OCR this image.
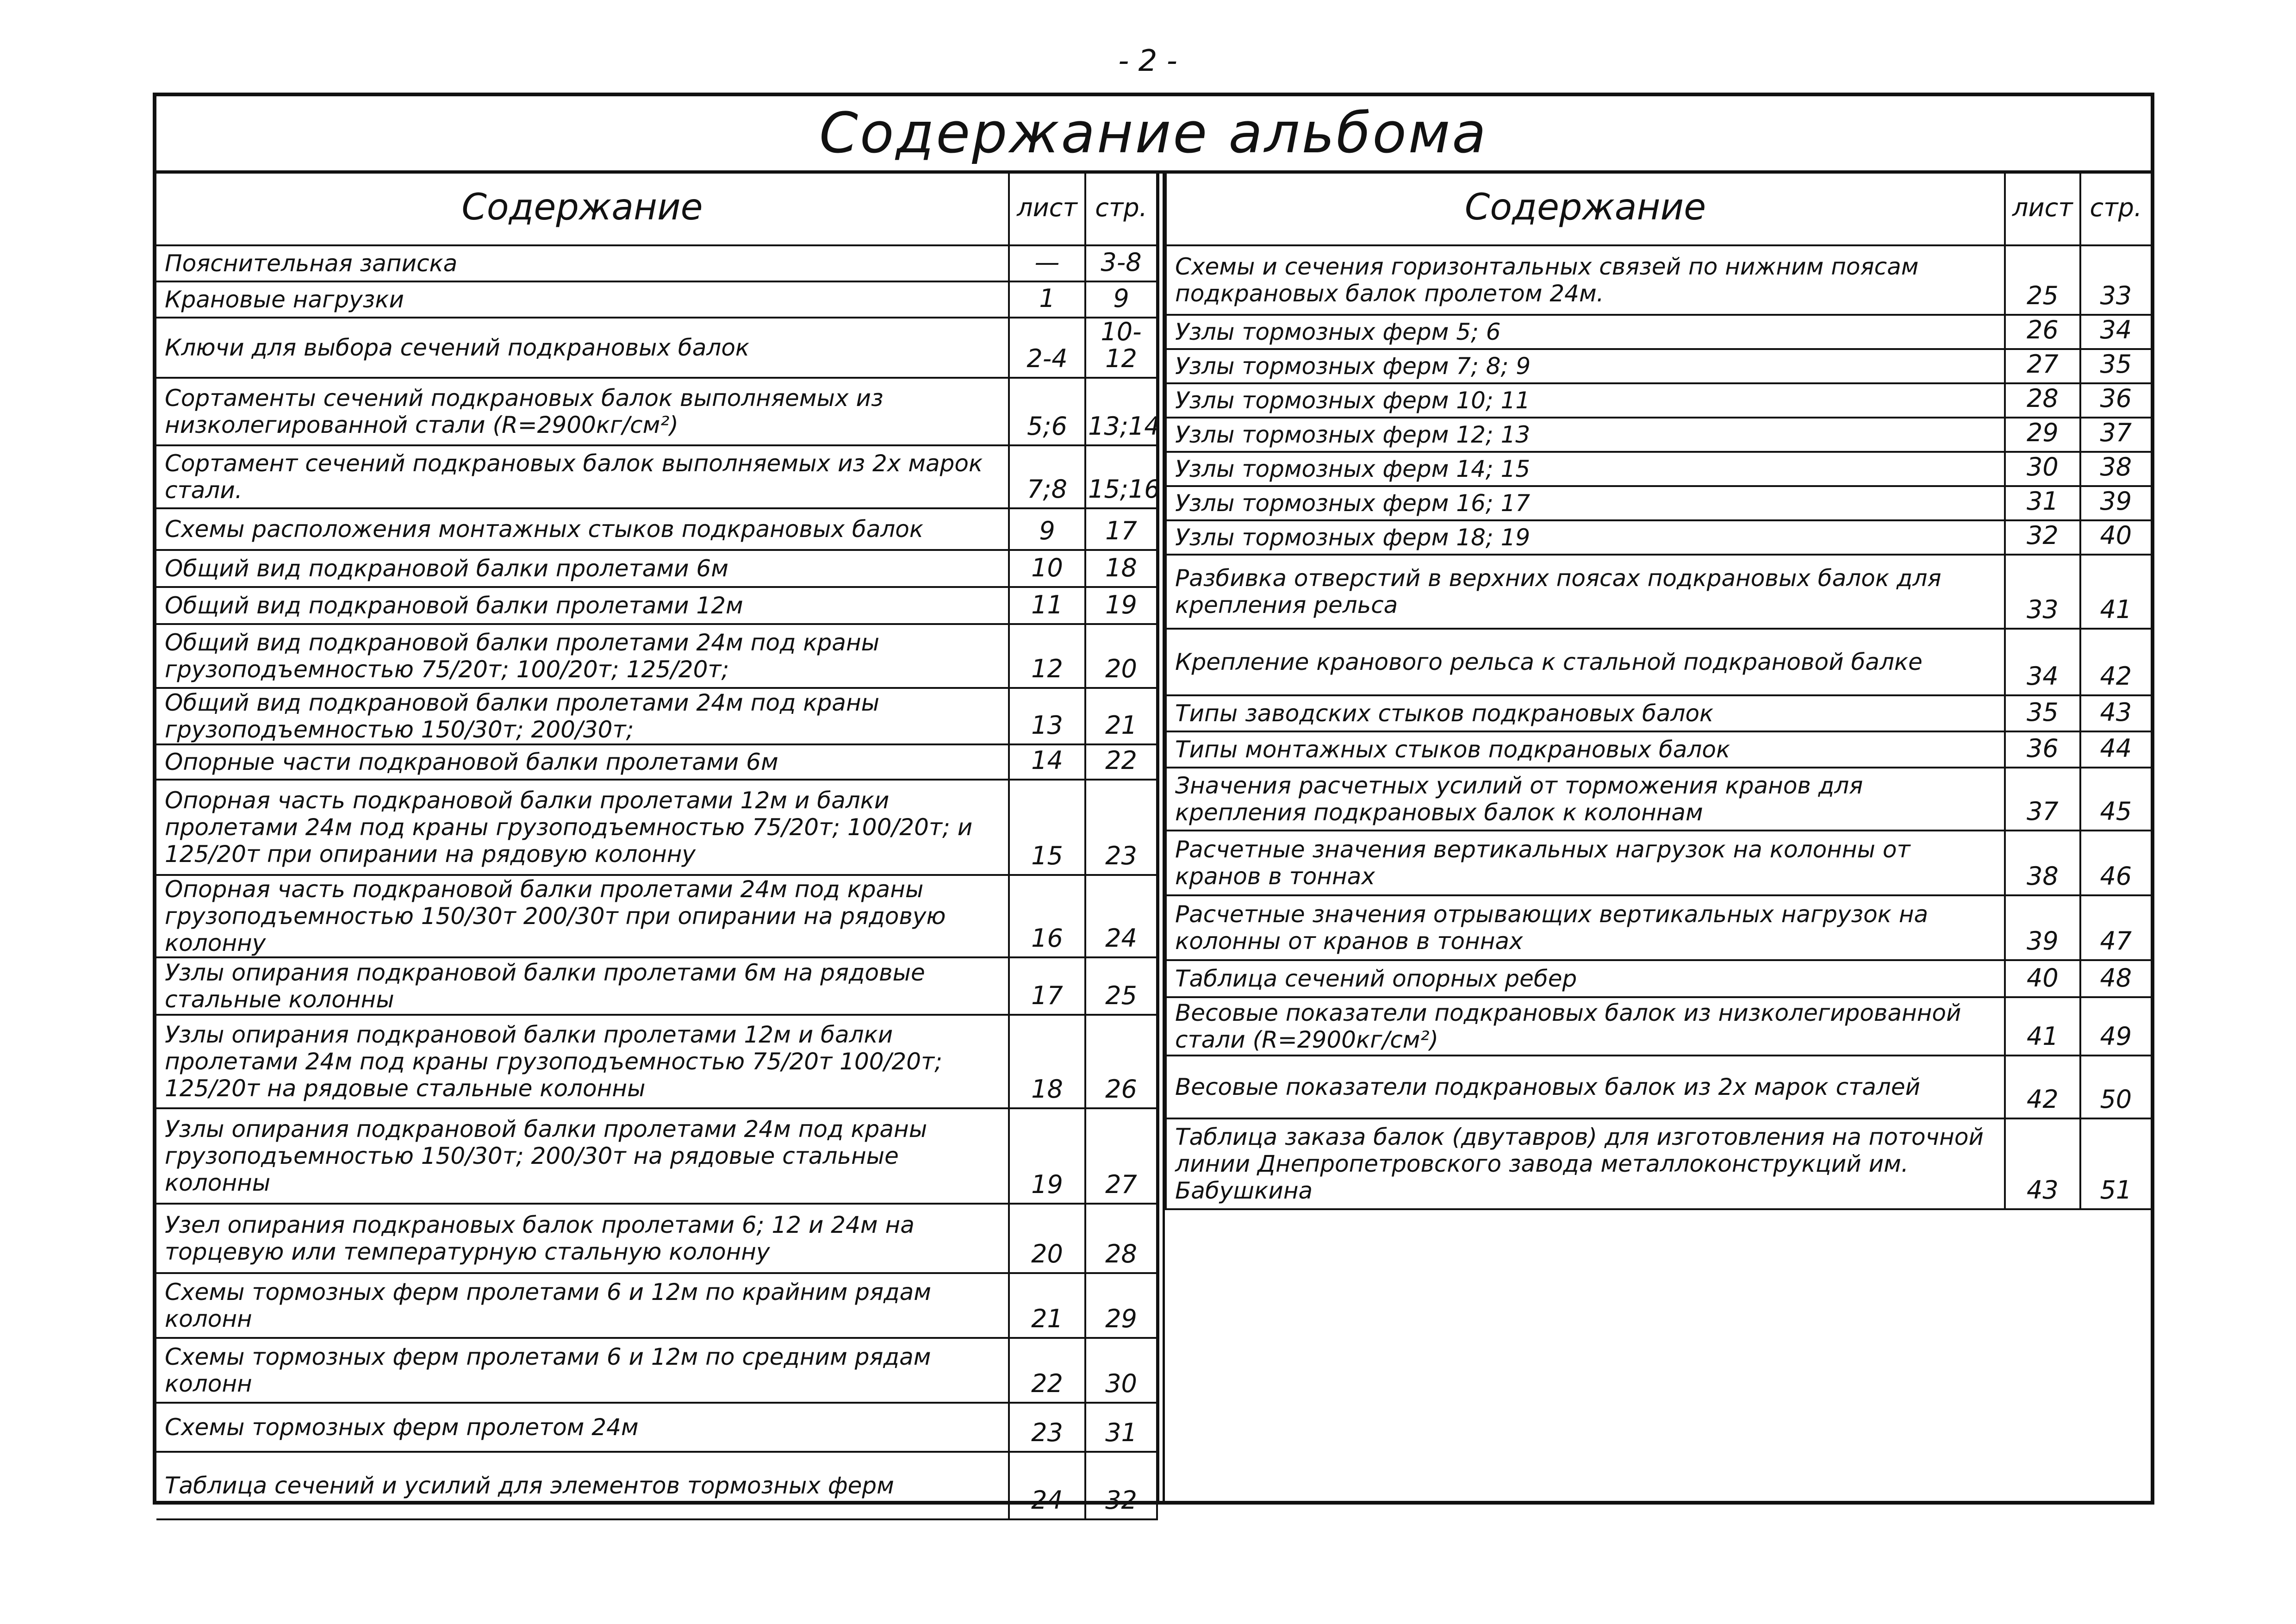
- 2 -
Содержание альбома
Содержание	лист	стр.
Пояснительная записка	—	3-8
Крановые нагрузки	1	9
Ключи для выбора сечений подкрановых балок	2-4	10-12
Сортаменты сечений подкрановых балок выполняемых из низколегированной стали (R=2900кг/см²)	5;6	13;14
Сортамент сечений подкрановых балок выполняемых из 2х марок стали.	7;8	15;16
Схемы расположения монтажных стыков подкрановых балок	9	17
Общий вид подкрановой балки пролетами 6м	10	18
Общий вид подкрановой балки пролетами 12м	11	19
Общий вид подкрановой балки пролетами 24м под краны грузоподъемностью 75/20т; 100/20т; 125/20т;	12	20
Общий вид подкрановой балки пролетами 24м под краны грузоподъемностью 150/30т; 200/30т;	13	21
Опорные части подкрановой балки пролетами 6м	14	22
Опорная часть подкрановой балки пролетами 12м и балки пролетами 24м под краны грузоподъемностью 75/20т; 100/20т; и 125/20т при опирании на рядовую колонну	15	23
Опорная часть подкрановой балки пролетами 24м под краны грузоподъемностью 150/30т 200/30т при опирании на рядовую колонну	16	24
Узлы опирания подкрановой балки пролетами 6м на рядовые стальные колонны	17	25
Узлы опирания подкрановой балки пролетами 12м и балки пролетами 24м под краны грузоподъемностью 75/20т 100/20т; 125/20т на рядовые стальные колонны	18	26
Узлы опирания подкрановой балки пролетами 24м под краны грузоподъемностью 150/30т; 200/30т на рядовые стальные колонны	19	27
Узел опирания подкрановых балок пролетами 6; 12 и 24м на торцевую или температурную стальную колонну	20	28
Схемы тормозных ферм пролетами 6 и 12м по крайним рядам колонн	21	29
Схемы тормозных ферм пролетами 6 и 12м по средним рядам колонн	22	30
Схемы тормозных ферм пролетом 24м	23	31
Таблица сечений и усилий для элементов тормозных ферм	24	32
Содержание	лист	стр.
Схемы и сечения горизонтальных связей по нижним поясам подкрановых балок пролетом 24м.	25	33
Узлы тормозных ферм 5; 6	26	34
Узлы тормозных ферм 7; 8; 9	27	35
Узлы тормозных ферм 10; 11	28	36
Узлы тормозных ферм 12; 13	29	37
Узлы тормозных ферм 14; 15	30	38
Узлы тормозных ферм 16; 17	31	39
Узлы тормозных ферм 18; 19	32	40
Разбивка отверстий в верхних поясах подкрановых балок для крепления рельса	33	41
Крепление кранового рельса к стальной подкрановой балке	34	42
Типы заводских стыков подкрановых балок	35	43
Типы монтажных стыков подкрановых балок	36	44
Значения расчетных усилий от торможения кранов для крепления подкрановых балок к колоннам	37	45
Расчетные значения вертикальных нагрузок на колонны от кранов в тоннах	38	46
Расчетные значения отрывающих вертикальных нагрузок на колонны от кранов в тоннах	39	47
Таблица сечений опорных ребер	40	48
Весовые показатели подкрановых балок из низколегированной стали (R=2900кг/см²)	41	49
Весовые показатели подкрановых балок из 2х марок сталей	42	50
Таблица заказа балок (двутавров) для изготовления на поточной линии Днепропетровского завода металлоконструкций им. Бабушкина	43	51
